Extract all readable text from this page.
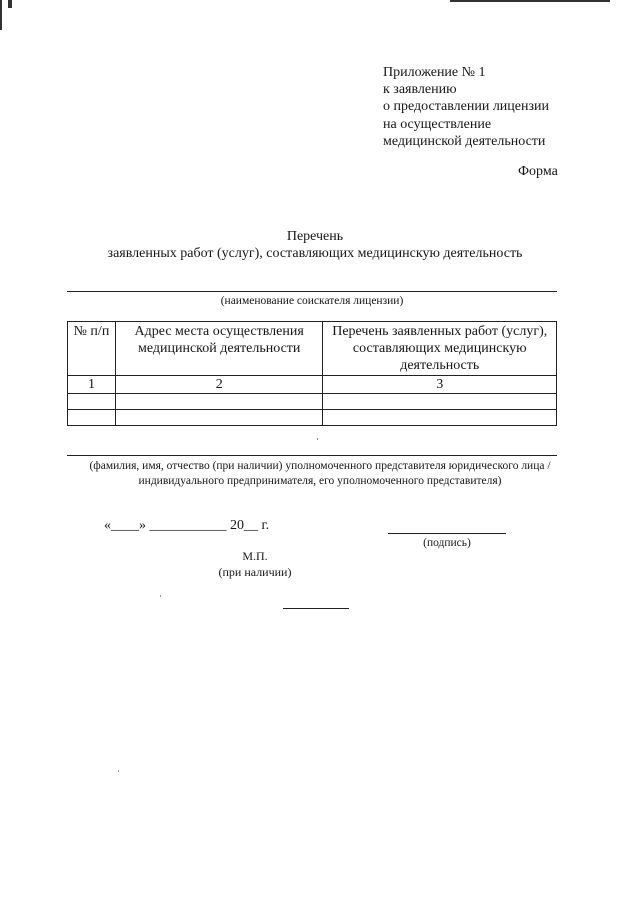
Приложение № 1
к заявлению
о предоставлении лицензии
на осуществление
медицинской деятельности
Форма
Перечень
заявленных работ (услуг), составляющих медицинскую деятельность
(наименование соискателя лицензии)
№ п/п	Адрес места осуществления медицинской деятельности	Перечень заявленных работ (услуг), составляющих медицинскую деятельность
1	2	3

(фамилия, имя, отчество (при наличии) уполномоченного представителя юридического лица /
индивидуального предпринимателя, его уполномоченного представителя)
«____» ___________ 20__ г.
(подпись)
М.П.
(при наличии)
